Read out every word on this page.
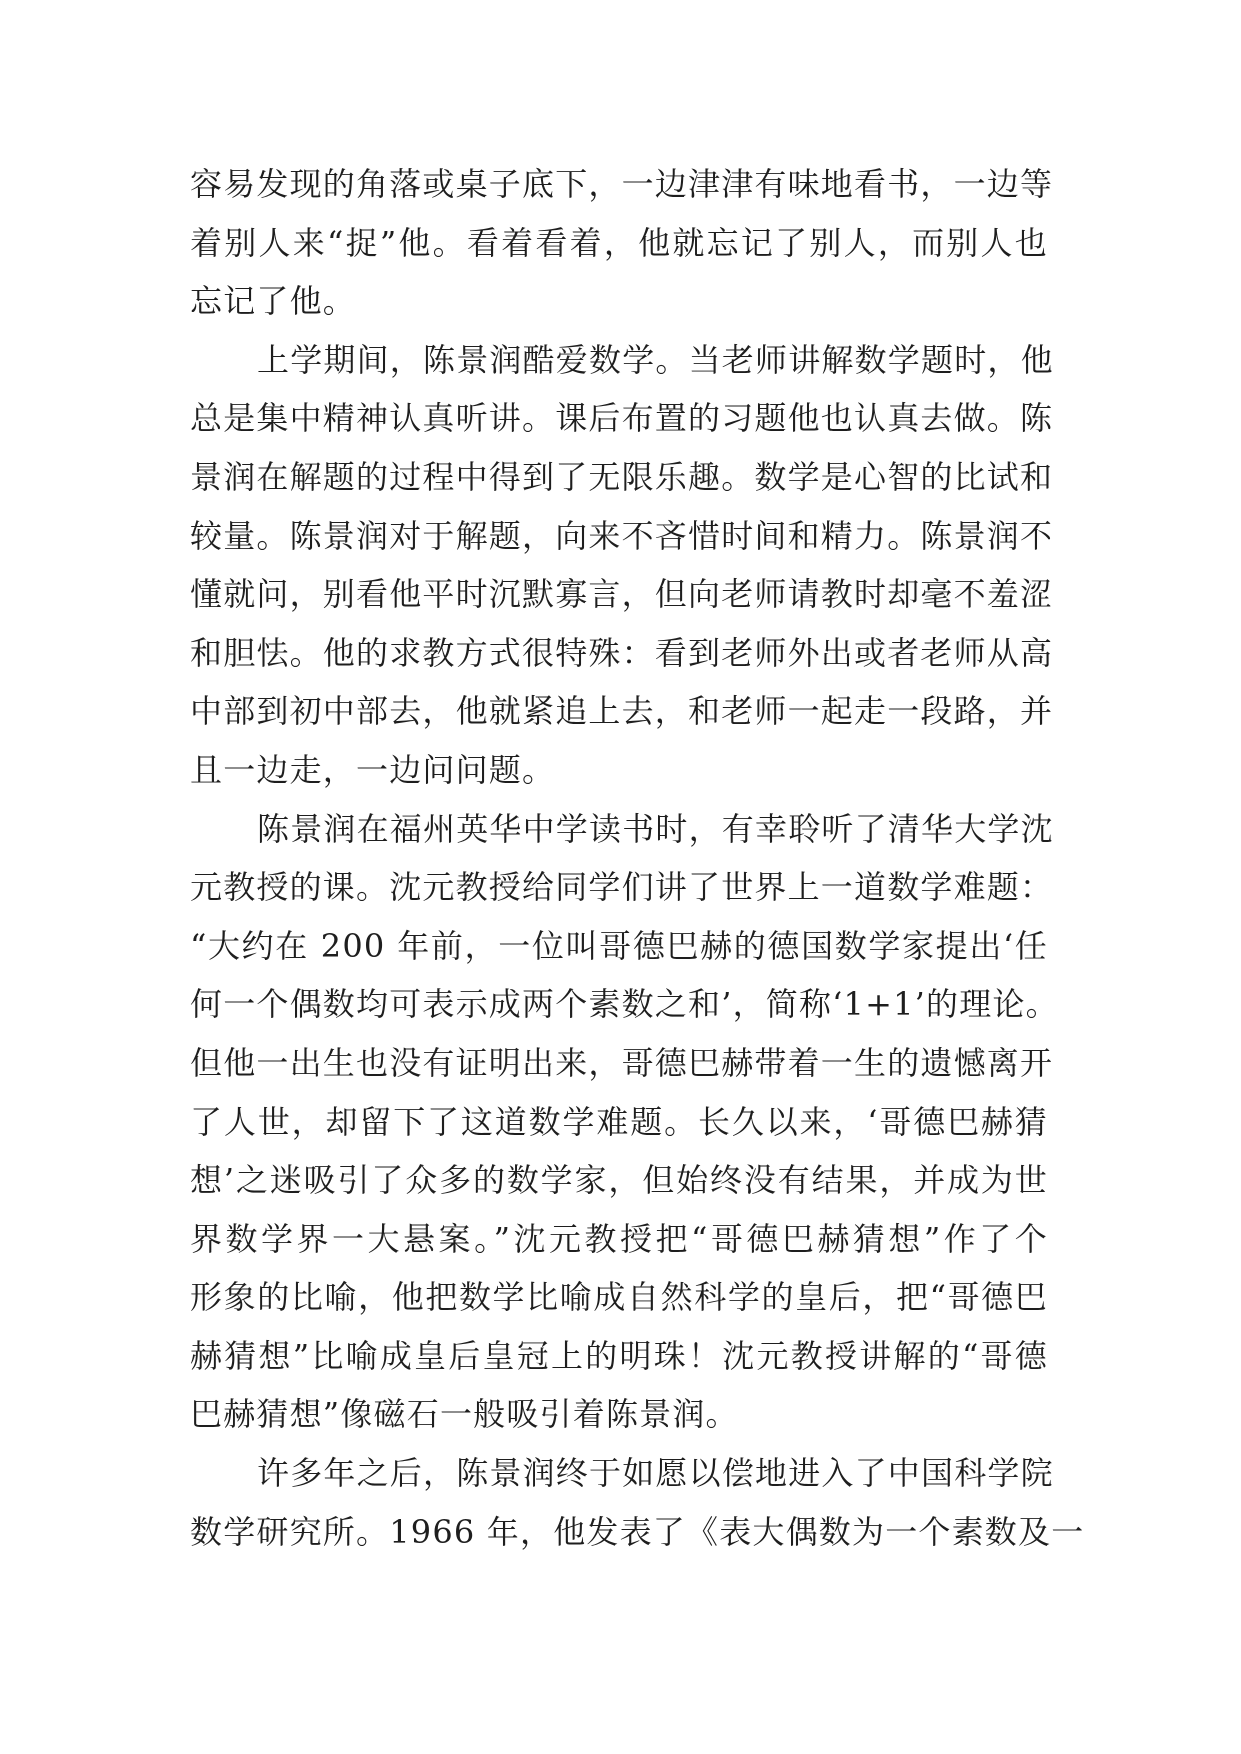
容易发现的角落或桌子底下，一边津津有味地看书，一边等
着别人来“捉”他。看着看着，他就忘记了别人，而别人也
忘记了他。
上学期间，陈景润酷爱数学。当老师讲解数学题时，他
总是集中精神认真听讲。课后布置的习题他也认真去做。陈
景润在解题的过程中得到了无限乐趣。数学是心智的比试和
较量。陈景润对于解题，向来不吝惜时间和精力。陈景润不
懂就问，别看他平时沉默寡言，但向老师请教时却毫不羞涩
和胆怯。他的求教方式很特殊：看到老师外出或者老师从高
中部到初中部去，他就紧追上去，和老师一起走一段路，并
且一边走，一边问问题。
陈景润在福州英华中学读书时，有幸聆听了清华大学沈
元教授的课。沈元教授给同学们讲了世界上一道数学难题：
“大约在 200 年前，一位叫哥德巴赫的德国数学家提出‘任
何一个偶数均可表示成两个素数之和’，简称‘1+1’的理论。
但他一出生也没有证明出来，哥德巴赫带着一生的遗憾离开
了人世，却留下了这道数学难题。长久以来，‘哥德巴赫猜
想’之迷吸引了众多的数学家，但始终没有结果，并成为世
界数学界一大悬案。”沈元教授把“哥德巴赫猜想”作了个
形象的比喻，他把数学比喻成自然科学的皇后，把“哥德巴
赫猜想”比喻成皇后皇冠上的明珠！沈元教授讲解的“哥德
巴赫猜想”像磁石一般吸引着陈景润。
许多年之后，陈景润终于如愿以偿地进入了中国科学院
数学研究所。1966 年，他发表了《表大偶数为一个素数及一
